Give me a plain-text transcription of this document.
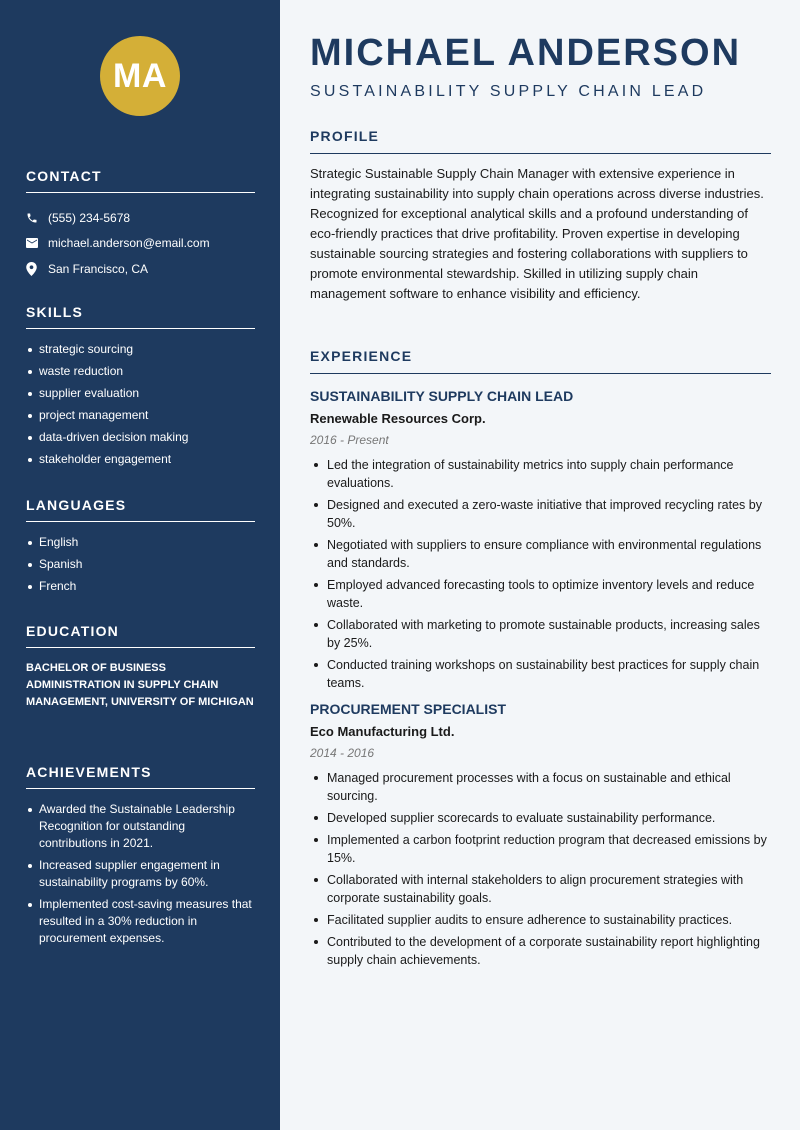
MA
CONTACT
(555) 234-5678
michael.anderson@email.com
San Francisco, CA
SKILLS
strategic sourcing
waste reduction
supplier evaluation
project management
data-driven decision making
stakeholder engagement
LANGUAGES
English
Spanish
French
EDUCATION

BACHELOR OF BUSINESS ADMINISTRATION IN SUPPLY CHAIN MANAGEMENT, UNIVERSITY OF MICHIGAN

ACHIEVEMENTS
Awarded the Sustainable Leadership Recognition for outstanding contributions in 2021.
Increased supplier engagement in sustainability programs by 60%.
Implemented cost-saving measures that resulted in a 30% reduction in procurement expenses.
MICHAEL ANDERSON
SUSTAINABILITY SUPPLY CHAIN LEAD
PROFILE

Strategic Sustainable Supply Chain Manager with extensive experience in integrating sustainability into supply chain operations across diverse industries. Recognized for exceptional analytical skills and a profound understanding of eco-friendly practices that drive profitability. Proven expertise in developing sustainable sourcing strategies and fostering collaborations with suppliers to promote environmental stewardship. Skilled in utilizing supply chain management software to enhance visibility and efficiency.

EXPERIENCE
SUSTAINABILITY SUPPLY CHAIN LEAD
Renewable Resources Corp.
2016 - Present
Led the integration of sustainability metrics into supply chain performance evaluations.
Designed and executed a zero-waste initiative that improved recycling rates by 50%.
Negotiated with suppliers to ensure compliance with environmental regulations and standards.
Employed advanced forecasting tools to optimize inventory levels and reduce waste.
Collaborated with marketing to promote sustainable products, increasing sales by 25%.
Conducted training workshops on sustainability best practices for supply chain teams.
PROCUREMENT SPECIALIST
Eco Manufacturing Ltd.
2014 - 2016
Managed procurement processes with a focus on sustainable and ethical sourcing.
Developed supplier scorecards to evaluate sustainability performance.
Implemented a carbon footprint reduction program that decreased emissions by 15%.
Collaborated with internal stakeholders to align procurement strategies with corporate sustainability goals.
Facilitated supplier audits to ensure adherence to sustainability practices.
Contributed to the development of a corporate sustainability report highlighting supply chain achievements.
